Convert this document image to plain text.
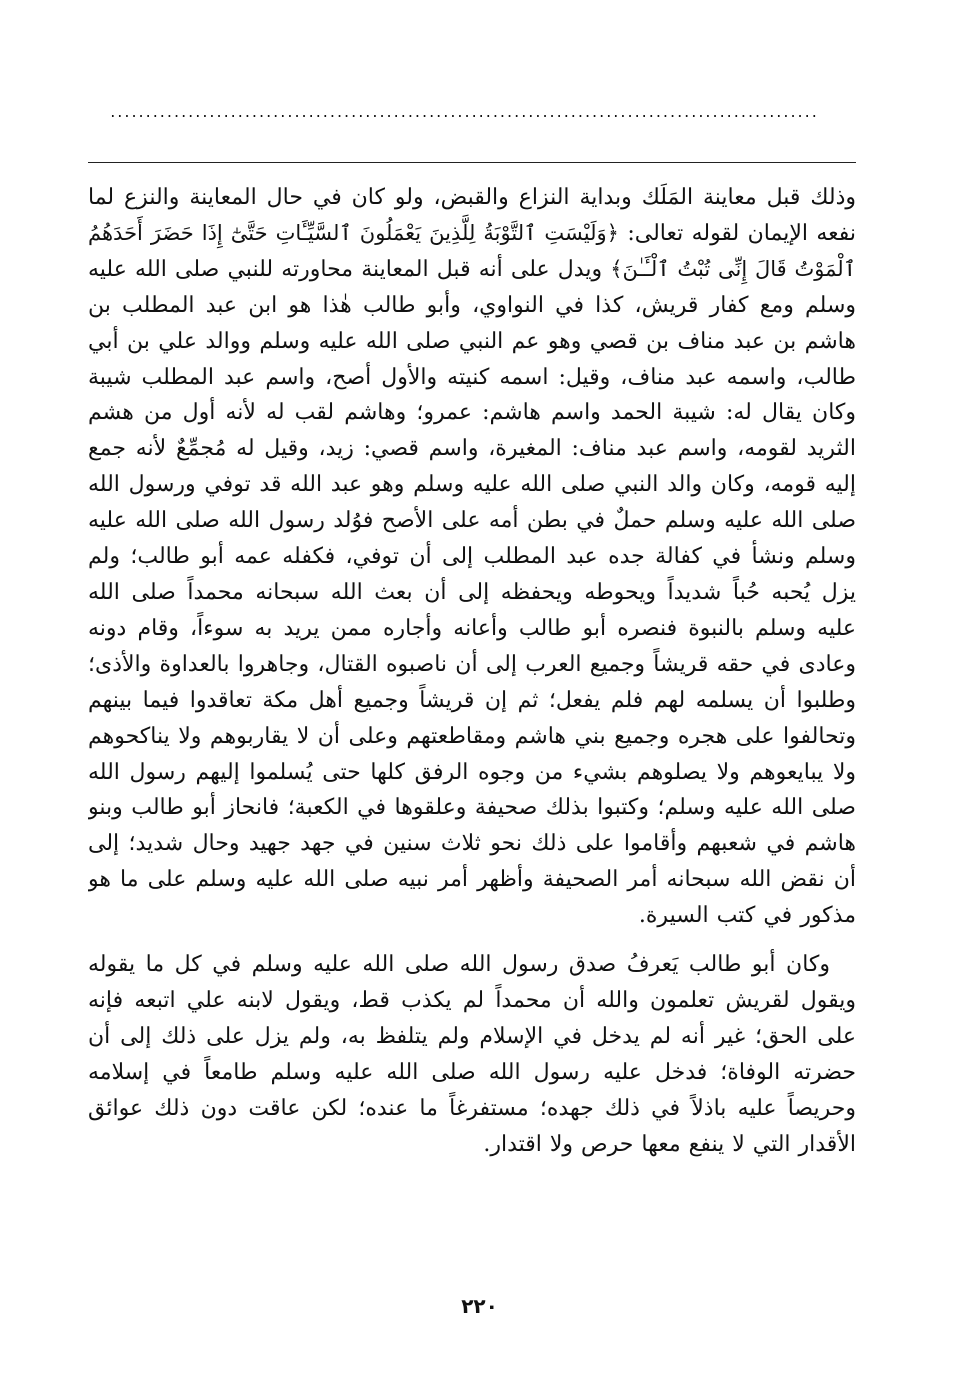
....................................................................................................

وذلك قبل معاينة المَلَك وبداية النزاع والقبض، ولو كان في حال المعاينة والنزع لما نفعه الإيمان لقوله تعالى: ﴿وَلَيْسَتِ ٱلتَّوْبَةُ لِلَّذِينَ يَعْمَلُونَ ٱلسَّيِّـَٔاتِ حَتَّىٰٓ إِذَا حَضَرَ أَحَدَهُمُ ٱلْمَوْتُ قَالَ إِنِّى تُبْتُ ٱلْـَٔـٰنَ﴾ ويدل على أنه قبل المعاينة محاورته للنبي صلى الله عليه وسلم ومع كفار قريش، كذا في النواوي، وأبو طالب هٰذا هو ابن عبد المطلب بن هاشم بن عبد مناف بن قصي وهو عم النبي صلى الله عليه وسلم ووالد علي بن أبي طالب، واسمه عبد مناف، وقيل: اسمه كنيته والأول أصح، واسم عبد المطلب شيبة وكان يقال له: شيبة الحمد واسم هاشم: عمرو؛ وهاشم لقب له لأنه أول من هشم الثريد لقومه، واسم عبد مناف: المغيرة، واسم قصي: زيد، وقيل له مُجمِّعٌ لأنه جمع إليه قومه، وكان والد النبي صلى الله عليه وسلم وهو عبد الله قد توفي ورسول الله صلى الله عليه وسلم حملٌ في بطن أمه على الأصح فوُلد رسول الله صلى الله عليه وسلم ونشأ في كفالة جده عبد المطلب إلى أن توفي، فكفله عمه أبو طالب؛ ولم يزل يُحبه حُباً شديداً ويحوطه ويحفظه إلى أن بعث الله سبحانه محمداً صلى الله عليه وسلم بالنبوة فنصره أبو طالب وأعانه وأجاره ممن يريد به سوءاً، وقام دونه وعادى في حقه قريشاً وجميع العرب إلى أن ناصبوه القتال، وجاهروا بالعداوة والأذى؛ وطلبوا أن يسلمه لهم فلم يفعل؛ ثم إن قريشاً وجميع أهل مكة تعاقدوا فيما بينهم وتحالفوا على هجره وجميع بني هاشم ومقاطعتهم وعلى أن لا يقاربوهم ولا يناكحوهم ولا يبايعوهم ولا يصلوهم بشيء من وجوه الرفق كلها حتى يُسلموا إليهم رسول الله صلى الله عليه وسلم؛ وكتبوا بذلك صحيفة وعلقوها في الكعبة؛ فانحاز أبو طالب وبنو هاشم في شعبهم وأقاموا على ذلك نحو ثلاث سنين في جهد جهيد وحال شديد؛ إلى أن نقض الله سبحانه أمر الصحيفة وأظهر أمر نبيه صلى الله عليه وسلم على ما هو مذكور في كتب السيرة.

وكان أبو طالب يَعرفُ صدق رسول الله صلى الله عليه وسلم في كل ما يقوله ويقول لقريش تعلمون والله أن محمداً لم يكذب قط، ويقول لابنه علي اتبعه فإنه على الحق؛ غير أنه لم يدخل في الإسلام ولم يتلفظ به، ولم يزل على ذلك إلى أن حضرته الوفاة؛ فدخل عليه رسول الله صلى الله عليه وسلم طامعاً في إسلامه وحريصاً عليه باذلاً في ذلك جهده؛ مستفرغاً ما عنده؛ لكن عاقت دون ذلك عوائق الأقدار التي لا ينفع معها حرص ولا اقتدار.

٢٢٠
